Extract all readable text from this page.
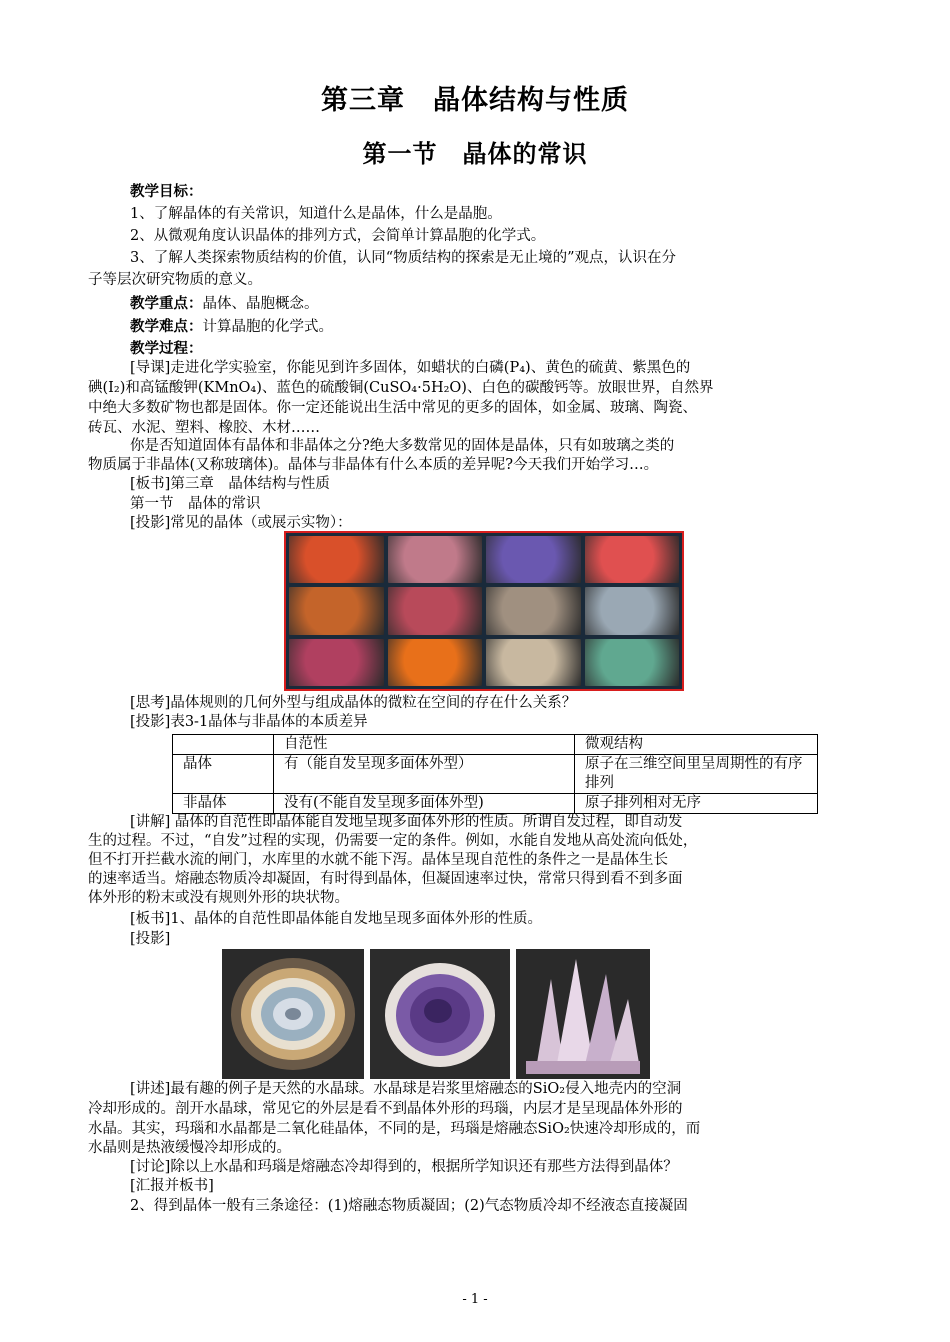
第三章　晶体结构与性质
第一节　晶体的常识
教学目标：
1、了解晶体的有关常识，知道什么是晶体，什么是晶胞。
2、从微观角度认识晶体的排列方式，会简单计算晶胞的化学式。
3、了解人类探索物质结构的价值，认同“物质结构的探索是无止境的”观点，认识在分
子等层次研究物质的意义。
教学重点：晶体、晶胞概念。
教学难点：计算晶胞的化学式。
教学过程：
[导课]走进化学实验室，你能见到许多固体，如蜡状的白磷(P₄)、黄色的硫黄、紫黑色的
碘(I₂)和高锰酸钾(KMnO₄)、蓝色的硫酸铜(CuSO₄·5H₂O)、白色的碳酸钙等。放眼世界，自然界
中绝大多数矿物也都是固体。你一定还能说出生活中常见的更多的固体，如金属、玻璃、陶瓷、
砖瓦、水泥、塑料、橡胶、木材……
你是否知道固体有晶体和非晶体之分?绝大多数常见的固体是晶体，只有如玻璃之类的
物质属于非晶体(又称玻璃体)。晶体与非晶体有什么本质的差异呢?今天我们开始学习…。
[板书]第三章　晶体结构与性质
第一节　晶体的常识
[投影]常见的晶体（或展示实物）：
[思考]晶体规则的几何外型与组成晶体的微粒在空间的存在什么关系？
[投影]表3-1晶体与非晶体的本质差异
	自范性	微观结构
晶体	有（能自发呈现多面体外型）	原子在三维空间里呈周期性的有序排列
非晶体	没有(不能自发呈现多面体外型)	原子排列相对无序
[讲解] 晶体的自范性即晶体能自发地呈现多面体外形的性质。所谓自发过程，即自动发
生的过程。不过，“自发”过程的实现，仍需要一定的条件。例如，水能自发地从高处流向低处，
但不打开拦截水流的闸门，水库里的水就不能下泻。晶体呈现自范性的条件之一是晶体生长
的速率适当。熔融态物质冷却凝固，有时得到晶体，但凝固速率过快，常常只得到看不到多面
体外形的粉末或没有规则外形的块状物。
[板书]1、晶体的自范性即晶体能自发地呈现多面体外形的性质。
[投影]
[讲述]最有趣的例子是天然的水晶球。水晶球是岩浆里熔融态的SiO₂侵入地壳内的空洞
冷却形成的。剖开水晶球，常见它的外层是看不到晶体外形的玛瑙，内层才是呈现晶体外形的
水晶。其实，玛瑙和水晶都是二氧化硅晶体，不同的是，玛瑙是熔融态SiO₂快速冷却形成的，而
水晶则是热液缓慢冷却形成的。
[讨论]除以上水晶和玛瑙是熔融态冷却得到的，根据所学知识还有那些方法得到晶体？
[汇报并板书]
2、得到晶体一般有三条途径：(1)熔融态物质凝固；(2)气态物质冷却不经液态直接凝固
- 1 -
